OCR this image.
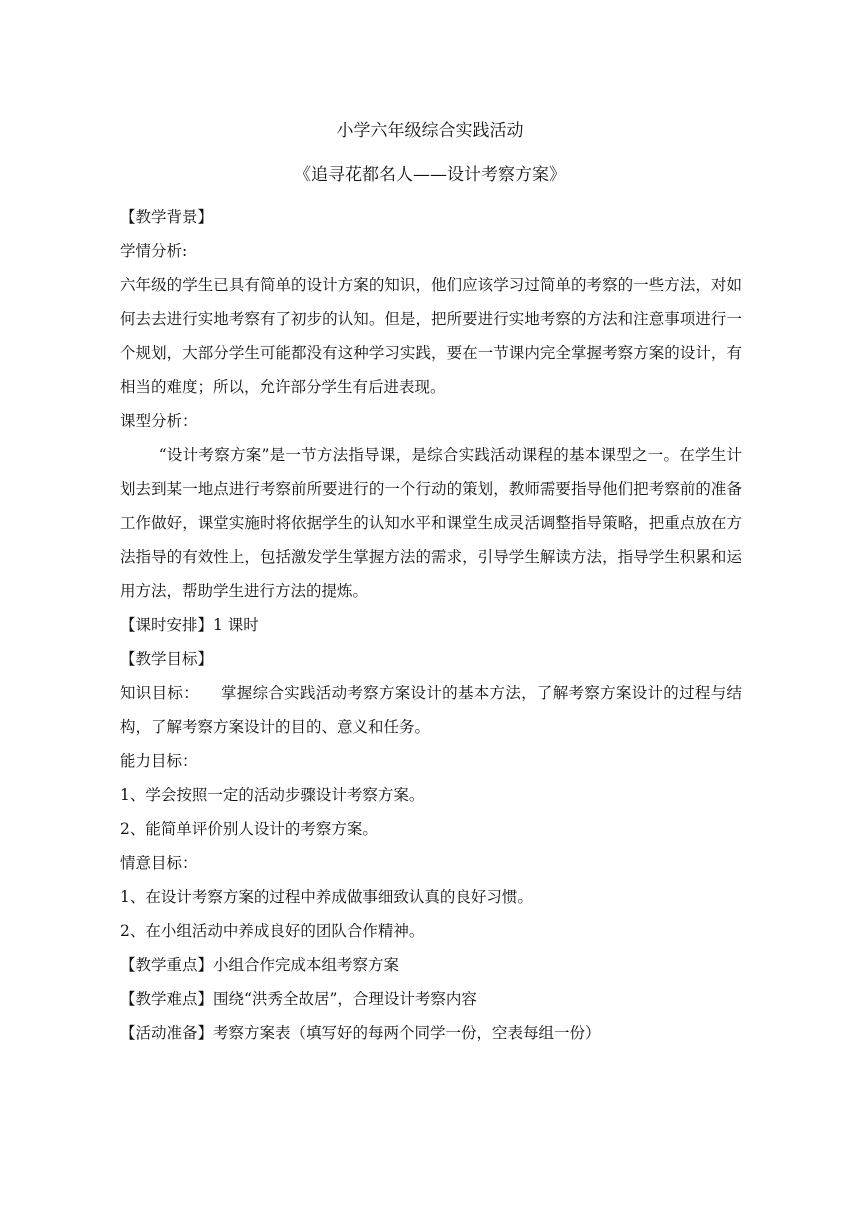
小学六年级综合实践活动
《追寻花都名人——设计考察方案》
【教学背景】
学情分析:

六年级的学生已具有简单的设计方案的知识，他们应该学习过简单的考察的一些方法，对如何去去进行实地考察有了初步的认知。但是，把所要进行实地考察的方法和注意事项进行一个规划，大部分学生可能都没有这种学习实践，要在一节课内完全掌握考察方案的设计，有相当的难度；所以，允许部分学生有后进表现。

课型分析：

“设计考察方案”是一节方法指导课，是综合实践活动课程的基本课型之一。在学生计划去到某一地点进行考察前所要进行的一个行动的策划，教师需要指导他们把考察前的准备工作做好，课堂实施时将依据学生的认知水平和课堂生成灵活调整指导策略，把重点放在方法指导的有效性上，包括激发学生掌握方法的需求，引导学生解读方法，指导学生积累和运用方法，帮助学生进行方法的提炼。

【课时安排】1 课时
【教学目标】

知识目标： 掌握综合实践活动考察方案设计的基本方法，了解考察方案设计的过程与结构，了解考察方案设计的目的、意义和任务。

能力目标：
1、学会按照一定的活动步骤设计考察方案。
2、能简单评价别人设计的考察方案。
情意目标：
1、在设计考察方案的过程中养成做事细致认真的良好习惯。
2、在小组活动中养成良好的团队合作精神。
【教学重点】小组合作完成本组考察方案
【教学难点】围绕“洪秀全故居”，合理设计考察内容
【活动准备】考察方案表（填写好的每两个同学一份，空表每组一份）
